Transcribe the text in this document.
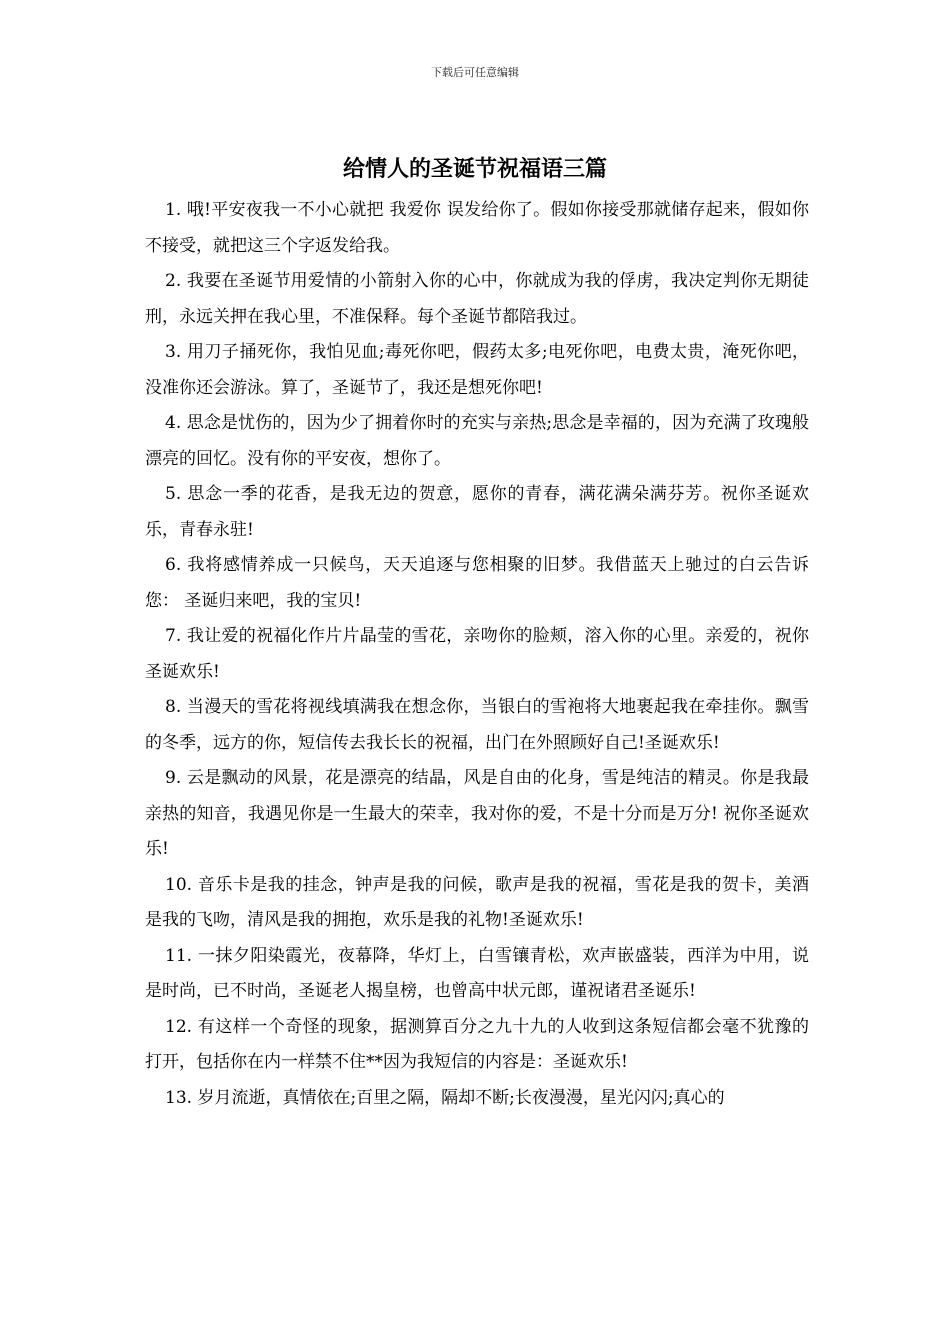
下载后可任意编辑
给情人的圣诞节祝福语三篇

1. 哦!平安夜我一不小心就把 我爱你 误发给你了。假如你接受那就储存起来，假如你不接受，就把这三个字返发给我。

2. 我要在圣诞节用爱情的小箭射入你的心中，你就成为我的俘虏，我决定判你无期徒刑，永远关押在我心里，不准保释。每个圣诞节都陪我过。

3. 用刀子捅死你，我怕见血;毒死你吧，假药太多;电死你吧，电费太贵，淹死你吧，没准你还会游泳。算了，圣诞节了，我还是想死你吧!

4. 思念是忧伤的，因为少了拥着你时的充实与亲热;思念是幸福的，因为充满了玫瑰般漂亮的回忆。没有你的平安夜，想你了。

5. 思念一季的花香，是我无边的贺意，愿你的青春，满花满朵满芬芳。祝你圣诞欢乐，青春永驻!

6. 我将感情养成一只候鸟，天天追逐与您相聚的旧梦。我借蓝天上驰过的白云告诉您： 圣诞归来吧，我的宝贝!

7. 我让爱的祝福化作片片晶莹的雪花，亲吻你的脸颊，溶入你的心里。亲爱的，祝你圣诞欢乐!

8. 当漫天的雪花将视线填满我在想念你，当银白的雪袍将大地裹起我在牵挂你。飘雪的冬季，远方的你，短信传去我长长的祝福，出门在外照顾好自己!圣诞欢乐!

9. 云是飘动的风景，花是漂亮的结晶，风是自由的化身，雪是纯洁的精灵。你是我最亲热的知音，我遇见你是一生最大的荣幸，我对你的爱，不是十分而是万分! 祝你圣诞欢乐!

10. 音乐卡是我的挂念，钟声是我的问候，歌声是我的祝福，雪花是我的贺卡，美酒是我的飞吻，清风是我的拥抱，欢乐是我的礼物!圣诞欢乐!

11. 一抹夕阳染霞光，夜幕降，华灯上，白雪镶青松，欢声嵌盛装，西洋为中用，说是时尚，已不时尚，圣诞老人揭皇榜，也曾高中状元郎，谨祝诸君圣诞乐!

12. 有这样一个奇怪的现象，据测算百分之九十九的人收到这条短信都会毫不犹豫的打开，包括你在内一样禁不住**因为我短信的内容是：圣诞欢乐!

13. 岁月流逝，真情依在;百里之隔，隔却不断;长夜漫漫，星光闪闪;真心的
